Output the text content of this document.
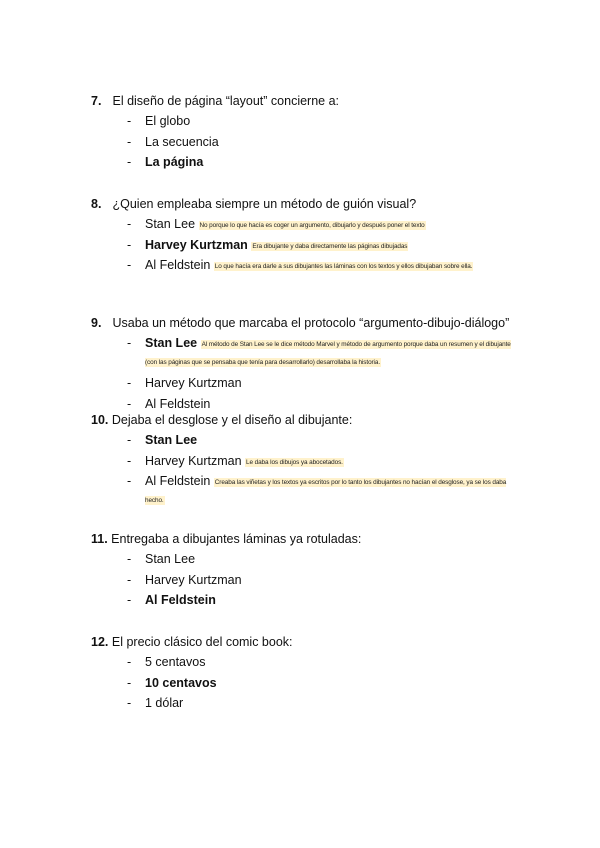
7. El diseño de página “layout” concierne a:
- El globo
- La secuencia
- La página
8. ¿Quien empleaba siempre un método de guión visual?
- Stan Lee No porque lo que hacía es coger un argumento, dibujarlo y después poner el texto
- Harvey Kurtzman Era dibujante y daba directamente las páginas dibujadas
- Al Feldstein Lo que hacía era darle a sus dibujantes las láminas con los textos y ellos dibujaban sobre ella.
9. Usaba un método que marcaba el protocolo “argumento-dibujo-diálogo”
- Stan Lee Al método de Stan Lee se le dice método Marvel y método de argumento porque daba un resumen y el dibujante (con las páginas que se pensaba que tenía para desarrollarlo) desarrollaba la historia.
- Harvey Kurtzman
- Al Feldstein
10. Dejaba el desglose y el diseño al dibujante:
- Stan Lee
- Harvey Kurtzman Le daba los dibujos ya abocetados.
- Al Feldstein Creaba las viñetas y los textos ya escritos por lo tanto los dibujantes no hacían el desglose, ya se los daba hecho.
11. Entregaba a dibujantes láminas ya rotuladas:
- Stan Lee
- Harvey Kurtzman
- Al Feldstein
12. El precio clásico del comic book:
- 5 centavos
- 10 centavos
- 1 dólar
